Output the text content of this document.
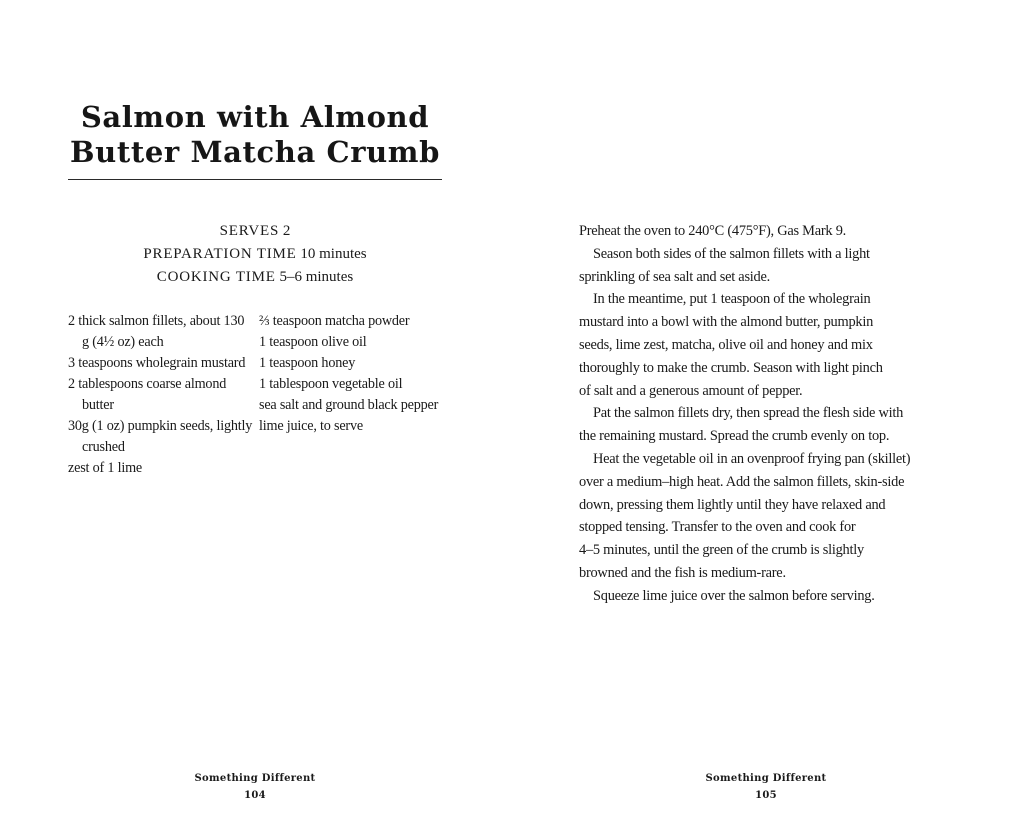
Salmon with Almond
Butter Matcha Crumb
SERVES 2
PREPARATION TIME 10 minutes
COOKING TIME 5–6 minutes
2 thick salmon fillets, about 130 g (4½ oz) each
3 teaspoons wholegrain mustard
2 tablespoons coarse almond butter
30g (1 oz) pumpkin seeds, lightly crushed
zest of 1 lime
⅔ teaspoon matcha powder
1 teaspoon olive oil
1 teaspoon honey
1 tablespoon vegetable oil
sea salt and ground black pepper
lime juice, to serve
Something Different
104
Preheat the oven to 240°C (475°F), Gas Mark 9.
Season both sides of the salmon fillets with a light
sprinkling of sea salt and set aside.
In the meantime, put 1 teaspoon of the wholegrain
mustard into a bowl with the almond butter, pumpkin
seeds, lime zest, matcha, olive oil and honey and mix
thoroughly to make the crumb. Season with light pinch
of salt and a generous amount of pepper.
Pat the salmon fillets dry, then spread the flesh side with
the remaining mustard. Spread the crumb evenly on top.
Heat the vegetable oil in an ovenproof frying pan (skillet)
over a medium–high heat. Add the salmon fillets, skin-side
down, pressing them lightly until they have relaxed and
stopped tensing. Transfer to the oven and cook for
4–5 minutes, until the green of the crumb is slightly
browned and the fish is medium-rare.
Squeeze lime juice over the salmon before serving.
Something Different
105
